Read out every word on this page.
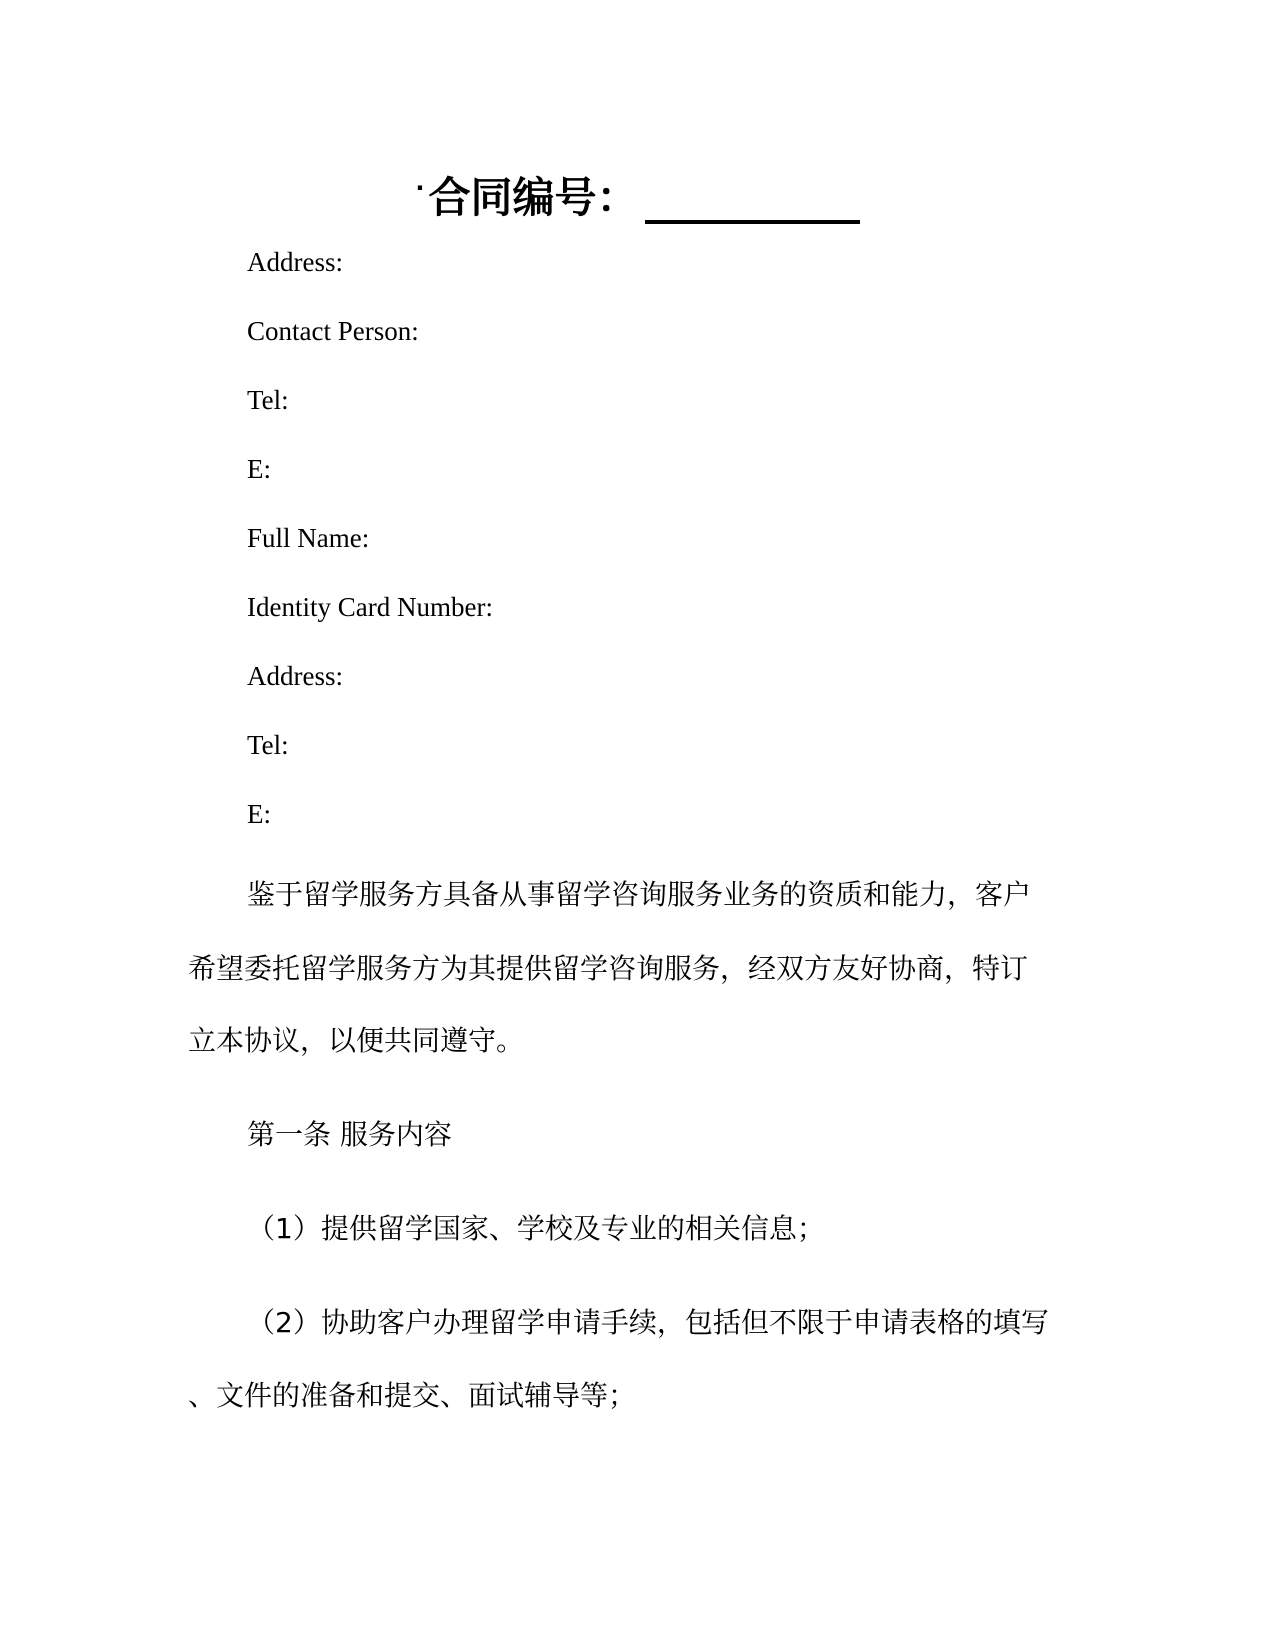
·合同编号：
Address:
Contact Person:
Tel:
E:
Full Name:
Identity Card Number:
Address:
Tel:
E:
鉴于留学服务方具备从事留学咨询服务业务的资质和能力，客户
希望委托留学服务方为其提供留学咨询服务，经双方友好协商，特订
立本协议，以便共同遵守。
第一条 服务内容
（1）提供留学国家、学校及专业的相关信息；
（2）协助客户办理留学申请手续，包括但不限于申请表格的填写
、文件的准备和提交、面试辅导等；
